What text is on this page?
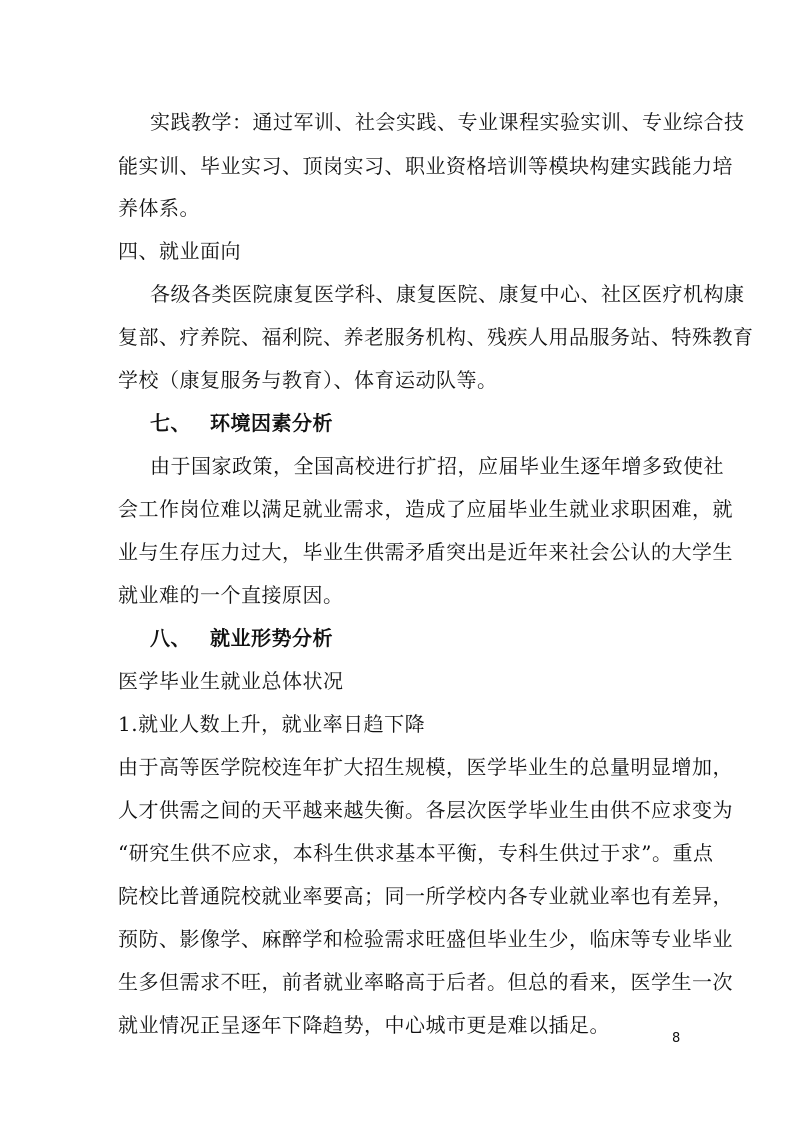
实践教学：通过军训、社会实践、专业课程实验实训、专业综合技
能实训、毕业实习、顶岗实习、职业资格培训等模块构建实践能力培
养体系。
四、就业面向
各级各类医院康复医学科、康复医院、康复中心、社区医疗机构康
复部、疗养院、福利院、养老服务机构、残疾人用品服务站、特殊教育
学校（康复服务与教育）、体育运动队等。
七、 环境因素分析
由于国家政策，全国高校进行扩招，应届毕业生逐年增多致使社
会工作岗位难以满足就业需求，造成了应届毕业生就业求职困难，就
业与生存压力过大，毕业生供需矛盾突出是近年来社会公认的大学生
就业难的一个直接原因。
八、 就业形势分析
医学毕业生就业总体状况
1.就业人数上升，就业率日趋下降
由于高等医学院校连年扩大招生规模，医学毕业生的总量明显增加，
人才供需之间的天平越来越失衡。各层次医学毕业生由供不应求变为
“研究生供不应求，本科生供求基本平衡，专科生供过于求”。重点
院校比普通院校就业率要高；同一所学校内各专业就业率也有差异，
预防、影像学、麻醉学和检验需求旺盛但毕业生少，临床等专业毕业
生多但需求不旺，前者就业率略高于后者。但总的看来，医学生一次
就业情况正呈逐年下降趋势，中心城市更是难以插足。
8
